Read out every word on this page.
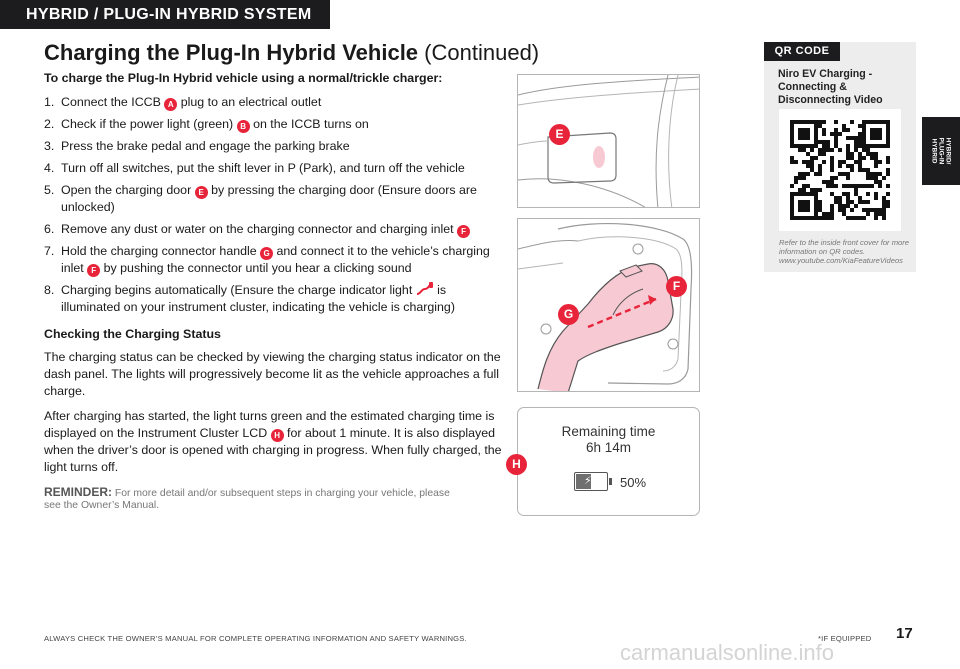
HYBRID / PLUG-IN HYBRID SYSTEM
HYBRID/
PLUG-IN
HYBRID
Charging the Plug-In Hybrid Vehicle (Continued)
To charge the Plug-In Hybrid vehicle using a normal/trickle charger:
1. Connect the ICCB A plug to an electrical outlet
2. Check if the power light (green) B on the ICCB turns on
3. Press the brake pedal and engage the parking brake
4. Turn off all switches, put the shift lever in P (Park), and turn off the vehicle
5. Open the charging door E by pressing the charging door (Ensure doors are unlocked)
6. Remove any dust or water on the charging connector and charging inlet F
7. Hold the charging connector handle G and connect it to the vehicle’s charging inlet F by pushing the connector until you hear a clicking sound
8. Charging begins automatically (Ensure the charge indicator light  is illuminated on your instrument cluster, indicating the vehicle is charging)
Checking the Charging Status

The charging status can be checked by viewing the charging status indicator on the dash panel. The lights will progressively become lit as the vehicle approaches a full charge.

After charging has started, the light turns green and the estimated charging time is displayed on the Instrument Cluster LCD H for about 1 minute. It is also displayed when the driver’s door is opened with charging in progress. When fully charged, the light turns off.

REMINDER: For more detail and/or subsequent steps in charging your vehicle, please see the Owner’s Manual.
E
F
G
Remaining time
6h 14m
⚡ 50%
H
QR CODE
Niro EV Charging - Connecting & Disconnecting Video
Refer to the inside front cover for more information on QR codes.
www.youtube.com/KiaFeatureVideos
ALWAYS CHECK THE OWNER’S MANUAL FOR COMPLETE OPERATING INFORMATION AND SAFETY WARNINGS.	*IF EQUIPPED 17
carmanualsonline.info
